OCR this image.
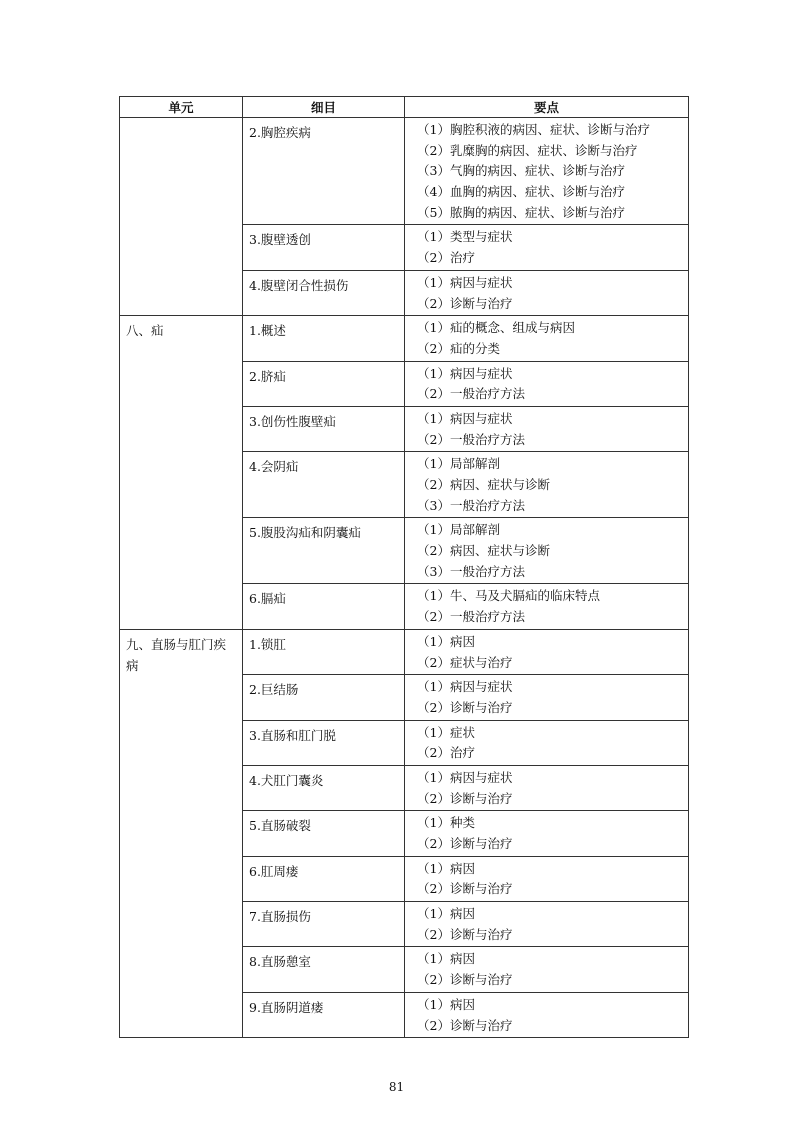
单元	细目	要点
	2.胸腔疾病	（1）胸腔积液的病因、症状、诊断与治疗
（2）乳糜胸的病因、症状、诊断与治疗
（3）气胸的病因、症状、诊断与治疗
（4）血胸的病因、症状、诊断与治疗
（5）脓胸的病因、症状、诊断与治疗

	3.腹壁透创	（1）类型与症状
（2）治疗

	4.腹壁闭合性损伤	（1）病因与症状
（2）诊断与治疗

八、疝	1.概述	（1）疝的概念、组成与病因
（2）疝的分类

	2.脐疝	（1）病因与症状
（2）一般治疗方法

	3.创伤性腹壁疝	（1）病因与症状
（2）一般治疗方法

	4.会阴疝	（1）局部解剖
（2）病因、症状与诊断
（3）一般治疗方法

	5.腹股沟疝和阴囊疝	（1）局部解剖
（2）病因、症状与诊断
（3）一般治疗方法

	6.膈疝	（1）牛、马及犬膈疝的临床特点
（2）一般治疗方法

九、直肠与肛门疾病	1.锁肛	（1）病因
（2）症状与治疗

	2.巨结肠	（1）病因与症状
（2）诊断与治疗

	3.直肠和肛门脱	（1）症状
（2）治疗

	4.犬肛门囊炎	（1）病因与症状
（2）诊断与治疗

	5.直肠破裂	（1）种类
（2）诊断与治疗

	6.肛周瘘	（1）病因
（2）诊断与治疗

	7.直肠损伤	（1）病因
（2）诊断与治疗

	8.直肠憩室	（1）病因
（2）诊断与治疗

	9.直肠阴道瘘	（1）病因
（2）诊断与治疗
81
